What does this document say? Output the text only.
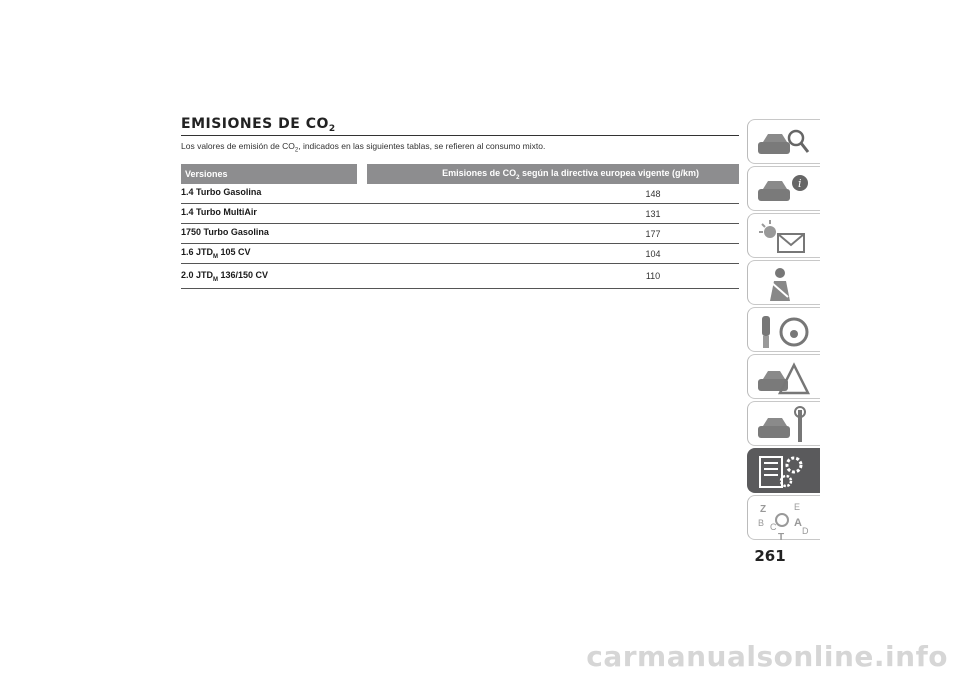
EMISIONES DE $CO_2$
Los valores de emisión de $CO_2$, indicados en las siguientes tablas, se refieren al consumo mixto.
Versiones		Emisiones de $CO_2$ según la directiva europea vigente (g/km)
1.4 Turbo Gasolina		148
1.4 Turbo MultiAir		131
1750 Turbo Gasolina		177
1.6 $JTD_M$ 105 CV		104
2.0 $JTD_M$ 136/150 CV		110
i
Z	E
B	A
C	D
T
261
carmanualsonline.info
